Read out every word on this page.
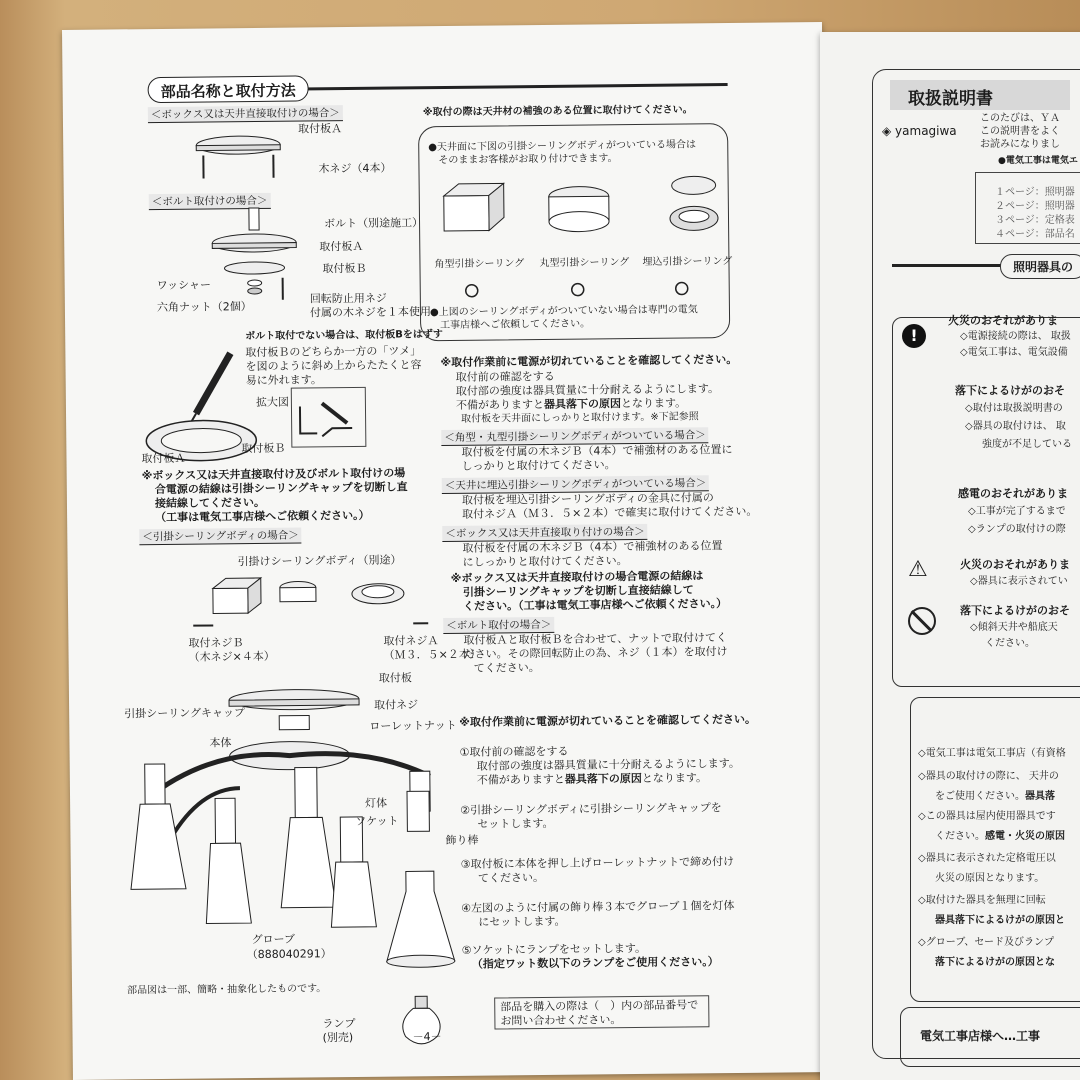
部品名称と取付方法
＜ボックス又は天井直接取付けの場合＞
取付板Ａ
木ネジ（4本）
＜ボルト取付けの場合＞
ボルト（別途施工）
取付板Ａ
取付板Ｂ
ワッシャー
六角ナット（2個）
回転防止用ネジ
付属の木ネジを１本使用
ボルト取付でない場合は、取付板Bをはずす
取付板Ｂのどちらか一方の「ツメ」
を図のように斜め上からたたくと容
易に外れます。
拡大図
取付板Ｂ
取付板Ａ
※ボックス又は天井直接取付け及びボルト取付けの場
合電源の結線は引掛シーリングキャップを切断し直
接結線してください。
（工事は電気工事店様へご依頼ください。）
＜引掛シーリングボディの場合＞
引掛けシーリングボディ（別途）
取付ネジＢ
（木ネジ×４本）
取付ネジＡ
（Ｍ３．５×２本）
取付板
取付ネジ
引掛シーリングキャップ
ローレットナット
本体
灯体
ソケット
飾り棒
グローブ
（888040291）
部品図は一部、簡略・抽象化したものです。
ランプ
(別売)
※取付の際は天井材の補強のある位置に取付けてください。
●天井面に下図の引掛シーリングボディがついている場合は
そのままお客様がお取り付けできます。
角型引掛シーリング 丸型引掛シーリング 埋込引掛シーリング
●上図のシーリングボディがついていない場合は専門の電気
工事店様へご依頼してください。
※取付作業前に電源が切れていることを確認してください。
取付前の確認をする
取付部の強度は器具質量に十分耐えるようにします。
不備がありますと器具落下の原因となります。
取付板を天井面にしっかりと取付けます。※下記参照
＜角型・丸型引掛シーリングボディがついている場合＞
取付板を付属の木ネジＢ（4本）で補強材のある位置に
しっかりと取付けてください。
＜天井に埋込引掛シーリングボディがついている場合＞
取付板を埋込引掛シーリングボディの金具に付属の
取付ネジＡ（Ｍ３．５×２本）で確実に取付けてください。
＜ボックス又は天井直接取り付けの場合＞
取付板を付属の木ネジＢ（4本）で補強材のある位置
にしっかりと取付けてください。
※ボックス又は天井直接取付けの場合電源の結線は
引掛シーリングキャップを切断し直接結線して
ください。（工事は電気工事店様へご依頼ください。）
＜ボルト取付の場合＞
取付板Ａと取付板Ｂを合わせて、ナットで取付けてく
ださい。その際回転防止の為、ネジ（１本）を取付け
てください。
※取付作業前に電源が切れていることを確認してください。
①取付前の確認をする
取付部の強度は器具質量に十分耐えるようにします。
不備がありますと器具落下の原因となります。
②引掛シーリングボディに引掛シーリングキャップを
セットします。
③取付板に本体を押し上げローレットナットで締め付け
てください。
④左図のように付属の飾り棒３本でグローブ１個を灯体
にセットします。
⑤ソケットにランプをセットします。
（指定ワット数以下のランプをご使用ください。）
部品を購入の際は（　）内の部品番号で
お問い合わせください。
－4－
取扱説明書
◈ yamagiwa
このたびは、ＹＡ
この説明書をよく
お読みになりまし
●電気工事は電気エ
１ページ：照明器
２ページ：照明器
３ページ：定格表
４ページ：部品名
照明器具の
!
火災のおそれがありま
◇電源接続の際は、 取扱
◇電気工事は、電気設備
落下によるけがのおそ
◇取付は取扱説明書の
◇器具の取付けは、 取
強度が不足している
感電のおそれがありま
◇工事が完了するまで
◇ランプの取付けの際
⚠	火災のおそれがありま
◇器具に表示されてい
落下によるけがのおそ
◇傾斜天井や船底天
ください。
◇電気工事は電気工事店（有資格
◇器具の取付けの際に、 天井の
をご使用ください。器具落
◇この器具は屋内使用器具です
ください。感電・火災の原因
◇器具に表示された定格電圧以
火災の原因となります。
◇取付けた器具を無理に回転
器具落下によるけがの原因と
◇グローブ、セード及びランプ
落下によるけがの原因とな
電気工事店様へ…工事
